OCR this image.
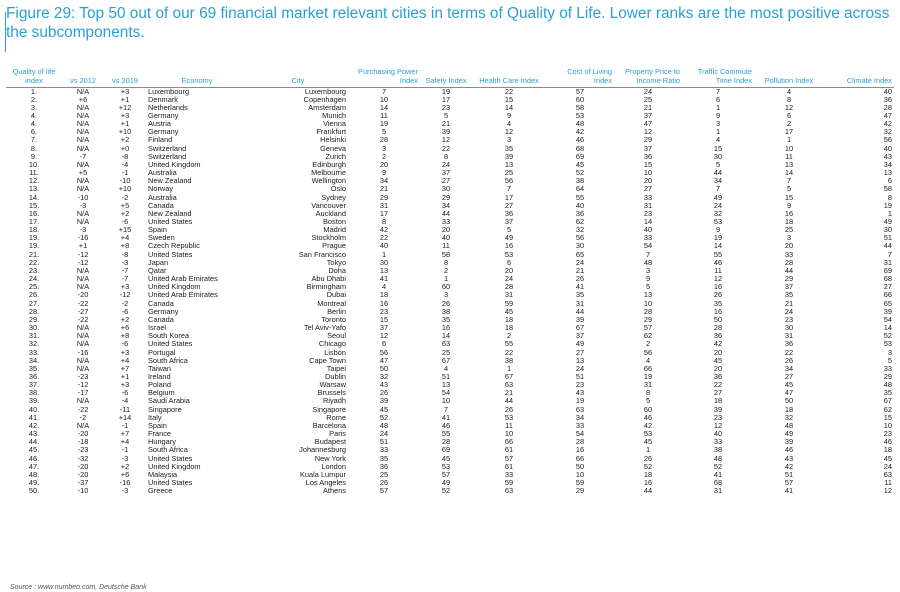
Figure 29: Top 50 out of our 69 financial market relevant cities in terms of Quality of Life. Lower ranks are the most positive across the subcomponents.
Quality of life index	vs 2012	vs 2019	Economy	City	Purchasing Power Index	Safety Index	Health Care Index	Cost of Living Index	Property Price to Income Ratio	Traffic Commute Time Index	Pollution Index	Climate Index
1.	N/A	+3	Luxembourg	Luxembourg	7	19	22	57	24	7	4	40
2.	+6	+1	Denmark	Copenhagen	10	17	15	60	25	6	8	36
3.	N/A	+12	Netherlands	Amsterdam	14	23	14	58	21	1	12	28
4.	N/A	+3	Germany	Munich	11	5	9	53	37	9	6	47
4.	N/A	+1	Austria	Vienna	19	21	4	48	47	3	2	42
6.	N/A	+10	Germany	Frankfurt	5	39	12	42	12	1	17	32
7.	N/A	+2	Finland	Helsinki	28	12	3	46	29	4	1	56
8.	N/A	+0	Switzerland	Geneva	3	22	35	68	37	15	10	40
9.	-7	-8	Switzerland	Zurich	2	8	39	69	36	30	11	43
10.	N/A	-4	United Kingdom	Edinburgh	20	24	13	45	15	5	13	34
11.	+5	-1	Australia	Melbourne	9	37	25	52	10	44	14	13
12.	N/A	-10	New Zealand	Wellington	34	27	56	38	20	34	7	6
13.	N/A	+10	Norway	Oslo	21	30	7	64	27	7	5	58
14.	-10	-2	Australia	Sydney	29	29	17	55	33	49	15	8
15.	-3	+5	Canada	Vancouver	31	34	27	40	31	24	9	19
16.	N/A	+2	New Zealand	Auckland	17	44	36	36	23	32	16	1
17.	N/A	-6	United States	Boston	8	33	37	62	14	53	18	49
18.	-3	+15	Spain	Madrid	42	20	5	32	40	9	25	30
19.	-16	+4	Sweden	Stockholm	22	40	49	56	33	19	3	51
19.	+1	+8	Czech Republic	Prague	40	11	16	30	54	14	20	44
21.	-12	-8	United States	San Francisco	1	58	53	65	7	55	33	7
22.	-12	-3	Japan	Tokyo	30	8	6	24	48	46	28	31
23.	N/A	-7	Qatar	Doha	13	2	20	21	3	11	44	69
24.	N/A	-7	United Arab Emirates	Abu Dhabi	41	1	24	26	9	12	29	68
25.	N/A	+3	United Kingdom	Birmingham	4	60	28	41	5	16	37	27
26.	-20	-12	United Arab Emirates	Dubai	18	3	31	35	13	26	35	66
27.	-22	-2	Canada	Montreal	16	26	59	31	10	35	21	65
28.	-27	-6	Germany	Berlin	23	38	45	44	28	16	24	39
29.	-22	+2	Canada	Toronto	15	35	18	39	29	50	23	54
30.	N/A	+6	Israel	Tel Aviv-Yafo	37	16	18	67	57	28	30	14
31.	N/A	+8	South Korea	Seoul	12	14	2	37	62	36	31	52
32.	N/A	-6	United States	Chicago	6	63	55	49	2	42	36	53
33.	-16	+3	Portugal	Lisbon	56	25	22	27	56	20	22	3
34.	N/A	+4	South Africa	Cape Town	47	67	38	13	4	45	26	5
35.	N/A	+7	Taiwan	Taipei	50	4	1	24	66	20	34	33
36.	-23	+1	Ireland	Dublin	32	51	67	51	19	36	27	29
37.	-12	+3	Poland	Warsaw	43	13	63	23	31	22	45	48
38.	-17	-6	Belgium	Brussels	26	54	21	43	8	27	47	35
39.	N/A	-4	Saudi Arabia	Riyadh	39	10	44	19	5	18	50	67
40.	-22	-11	Singapore	Singapore	45	7	26	63	60	39	18	62
41.	-2	+14	Italy	Rome	52	41	53	34	46	23	32	15
42.	N/A	-1	Spain	Barcelona	48	46	11	33	42	12	48	10
43.	-20	+7	France	Paris	24	55	10	54	53	40	49	23
44.	-18	+4	Hungary	Budapest	51	28	66	28	45	33	39	46
45.	-23	-1	South Africa	Johannesburg	33	69	61	16	1	38	46	18
46.	-32	-3	United States	New York	35	45	57	66	26	48	43	45
47.	-20	+2	United Kingdom	London	36	53	61	50	52	52	42	24
48.	-20	+6	Malaysia	Kuala Lumpur	25	57	33	10	18	41	51	63
49.	-37	-16	United States	Los Angeles	26	49	59	59	16	68	57	11
50.	-10	-3	Greece	Athens	57	52	63	29	44	31	41	12
Source : www.numbeo.com, Deutsche Bank
